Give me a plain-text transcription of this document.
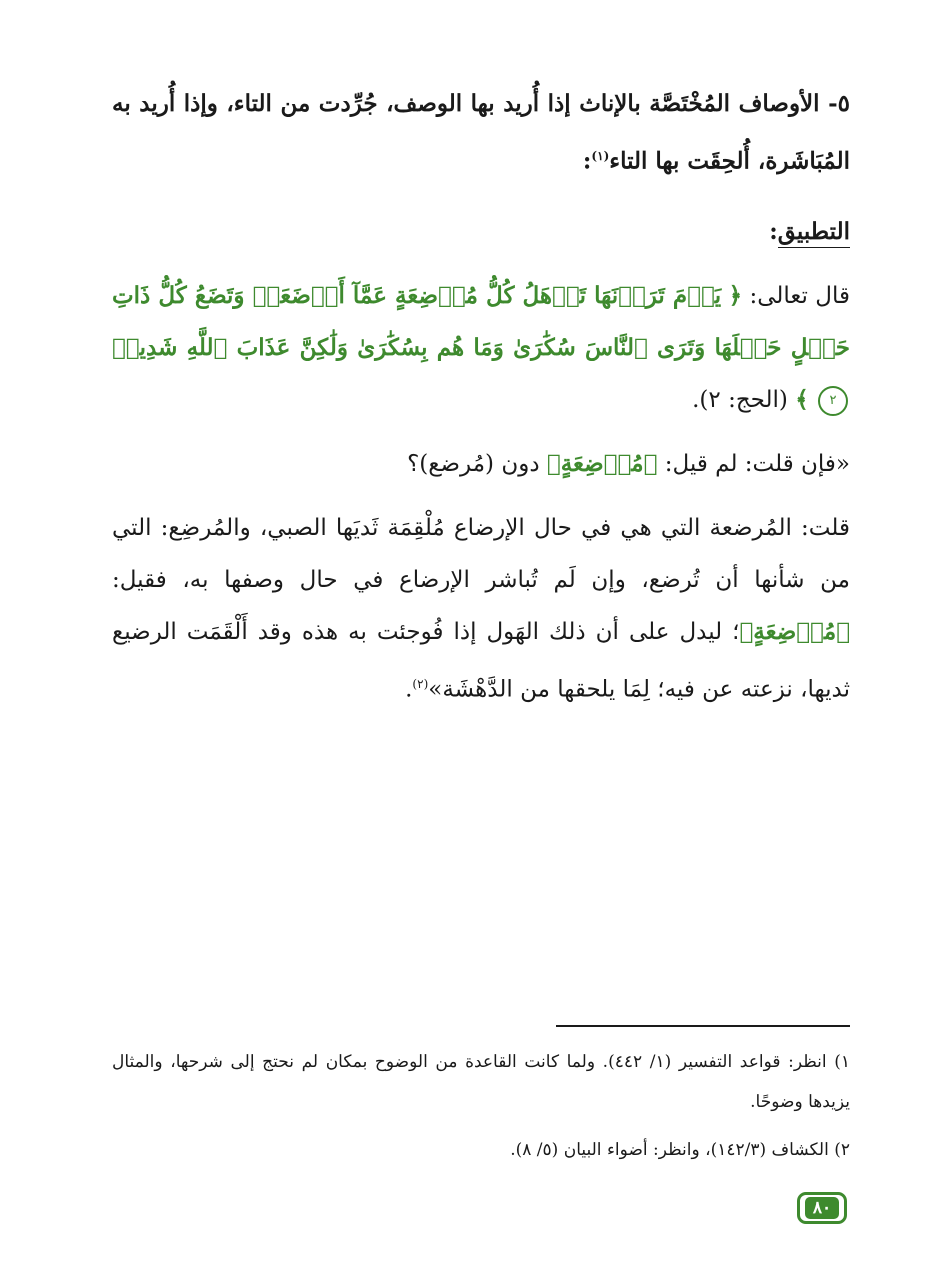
٥- الأوصاف المُخْتَصَّة بالإناث إذا أُريد بها الوصف، جُرِّدت من التاء، وإذا أُريد به المُبَاشَرة، أُلحِقَت بها التاء$^{(١)}$:

التطبيق:

قال تعالى: ﴿ يَوۡمَ تَرَوۡنَهَا تَذۡهَلُ كُلُّ مُرۡضِعَةٍ عَمَّآ أَرۡضَعَتۡ وَتَضَعُ كُلُّ ذَاتِ حَمۡلٍ حَمۡلَهَا وَتَرَى ٱلنَّاسَ سُكَٰرَىٰ وَمَا هُم بِسُكَٰرَىٰ وَلَٰكِنَّ عَذَابَ ٱللَّهِ شَدِيدٞ ٢ ﴾ (الحج: ٢).

«فإن قلت: لم قيل: ﴿مُرۡضِعَةٍ﴾ دون (مُرضع)؟

قلت: المُرضعة التي هي في حال الإرضاع مُلْقِمَة ثَديَها الصبي، والمُرضِع: التي من شأنها أن تُرضع، وإن لَم تُباشر الإرضاع في حال وصفها به، فقيل: ﴿مُرۡضِعَةٍ﴾؛ ليدل على أن ذلك الهَول إذا فُوجئت به هذه وقد أَلْقَمَت الرضيع ثديها، نزعته عن فيه؛ لِمَا يلحقها من الدَّهْشَة»$^{(٢)}$.

١) انظر: قواعد التفسير (١/ ٤٤٢). ولما كانت القاعدة من الوضوح بمكان لم نحتج إلى شرحها، والمثال يزيدها وضوحًا.

٢) الكشاف (١٤٢/٣)، وانظر: أضواء البيان (٥/ ٨).

٨٠
